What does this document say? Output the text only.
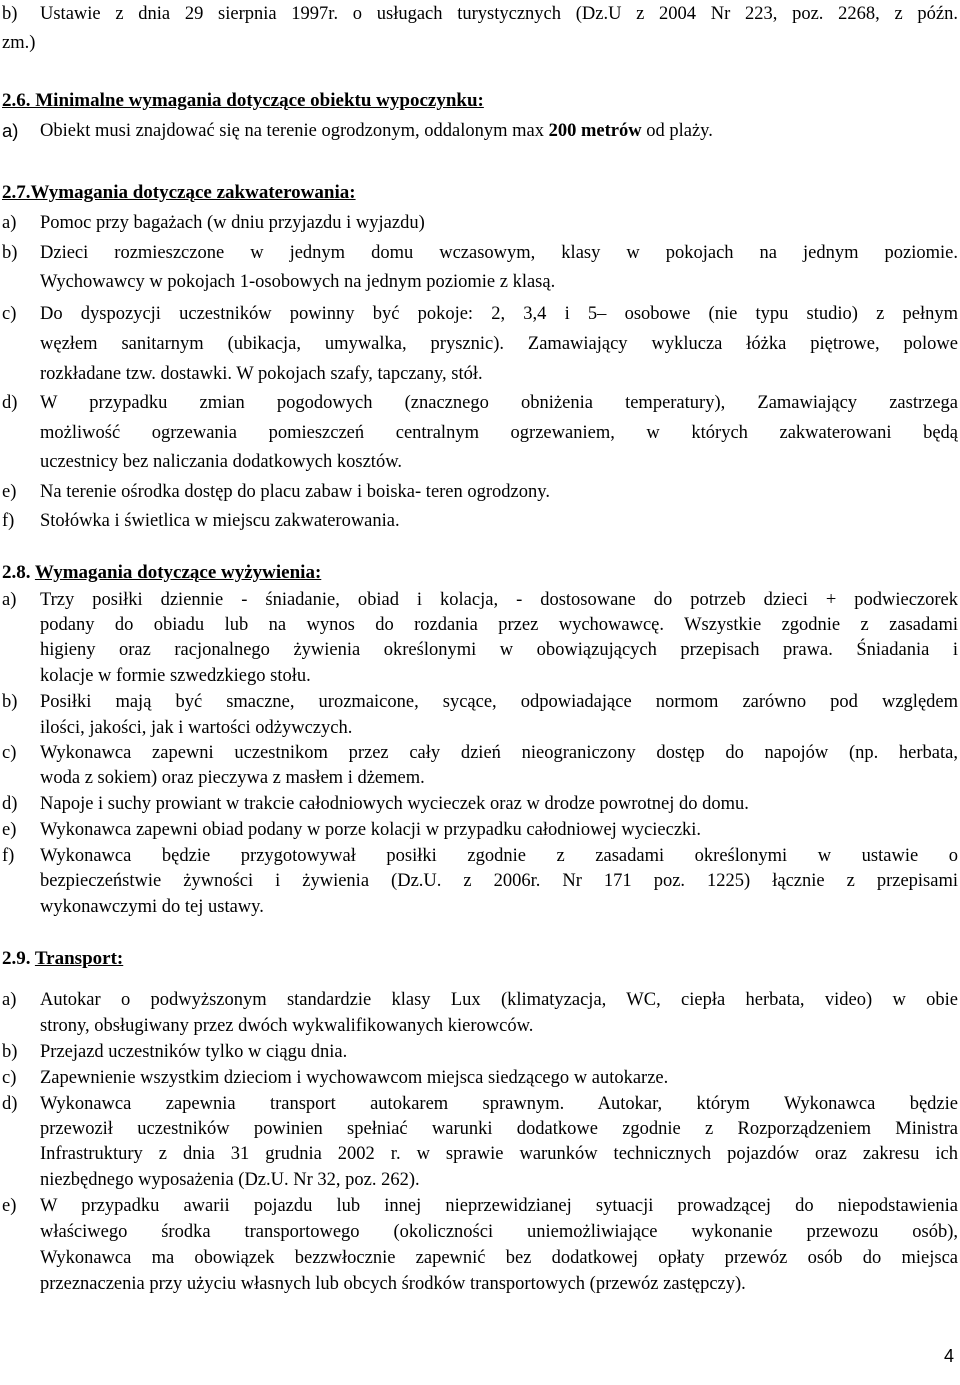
b) Ustawie z dnia 29 sierpnia 1997r. o usługach turystycznych (Dz.U z 2004 Nr 223, poz. 2268, z późn.
zm.)
2.6. Minimalne wymagania dotyczące obiektu wypoczynku:
a) Obiekt musi znajdować się na terenie ogrodzonym, oddalonym max 200 metrów od plaży.
2.7.Wymagania dotyczące zakwaterowania:
a) Pomoc przy bagażach (w dniu przyjazdu i wyjazdu)
b) Dzieci rozmieszczone w jednym domu wczasowym, klasy w pokojach na jednym poziomie.
Wychowawcy w pokojach 1-osobowych na jednym poziomie z klasą.
c) Do dyspozycji uczestników powinny być pokoje: 2, 3,4 i 5– osobowe (nie typu studio) z pełnym
węzłem sanitarnym (ubikacja, umywalka, prysznic). Zamawiający wyklucza łóżka piętrowe, polowe
rozkładane tzw. dostawki. W pokojach szafy, tapczany, stół.
d) W przypadku zmian pogodowych (znacznego obniżenia temperatury), Zamawiający zastrzega
możliwość ogrzewania pomieszczeń centralnym ogrzewaniem, w których zakwaterowani będą
uczestnicy bez naliczania dodatkowych kosztów.
e) Na terenie ośrodka dostęp do placu zabaw i boiska- teren ogrodzony.
f) Stołówka i świetlica w miejscu zakwaterowania.
2.8. Wymagania dotyczące wyżywienia:
a) Trzy posiłki dziennie - śniadanie, obiad i kolacja, - dostosowane do potrzeb dzieci + podwieczorek
podany do obiadu lub na wynos do rozdania przez wychowawcę. Wszystkie zgodnie z zasadami
higieny oraz racjonalnego żywienia określonymi w obowiązujących przepisach prawa. Śniadania i
kolacje w formie szwedzkiego stołu.
b) Posiłki mają być smaczne, urozmaicone, sycące, odpowiadające normom zarówno pod względem
ilości, jakości, jak i wartości odżywczych.
c) Wykonawca zapewni uczestnikom przez cały dzień nieograniczony dostęp do napojów (np. herbata,
woda z sokiem) oraz pieczywa z masłem i dżemem.
d) Napoje i suchy prowiant w trakcie całodniowych wycieczek oraz w drodze powrotnej do domu.
e) Wykonawca zapewni obiad podany w porze kolacji w przypadku całodniowej wycieczki.
f) Wykonawca będzie przygotowywał posiłki zgodnie z zasadami określonymi w ustawie o
bezpieczeństwie żywności i żywienia (Dz.U. z 2006r. Nr 171 poz. 1225) łącznie z przepisami
wykonawczymi do tej ustawy.
2.9. Transport:
a) Autokar o podwyższonym standardzie klasy Lux (klimatyzacja, WC, ciepła herbata, video) w obie
strony, obsługiwany przez dwóch wykwalifikowanych kierowców.
b) Przejazd uczestników tylko w ciągu dnia.
c) Zapewnienie wszystkim dzieciom i wychowawcom miejsca siedzącego w autokarze.
d) Wykonawca zapewnia transport autokarem sprawnym. Autokar, którym Wykonawca będzie
przewoził uczestników powinien spełniać warunki dodatkowe zgodnie z Rozporządzeniem Ministra
Infrastruktury z dnia 31 grudnia 2002 r. w sprawie warunków technicznych pojazdów oraz zakresu ich
niezbędnego wyposażenia (Dz.U. Nr 32, poz. 262).
e) W przypadku awarii pojazdu lub innej nieprzewidzianej sytuacji prowadzącej do niepodstawienia
właściwego środka transportowego (okoliczności uniemożliwiające wykonanie przewozu osób),
Wykonawca ma obowiązek bezzwłocznie zapewnić bez dodatkowej opłaty przewóz osób do miejsca
przeznaczenia przy użyciu własnych lub obcych środków transportowych (przewóz zastępczy).
4
